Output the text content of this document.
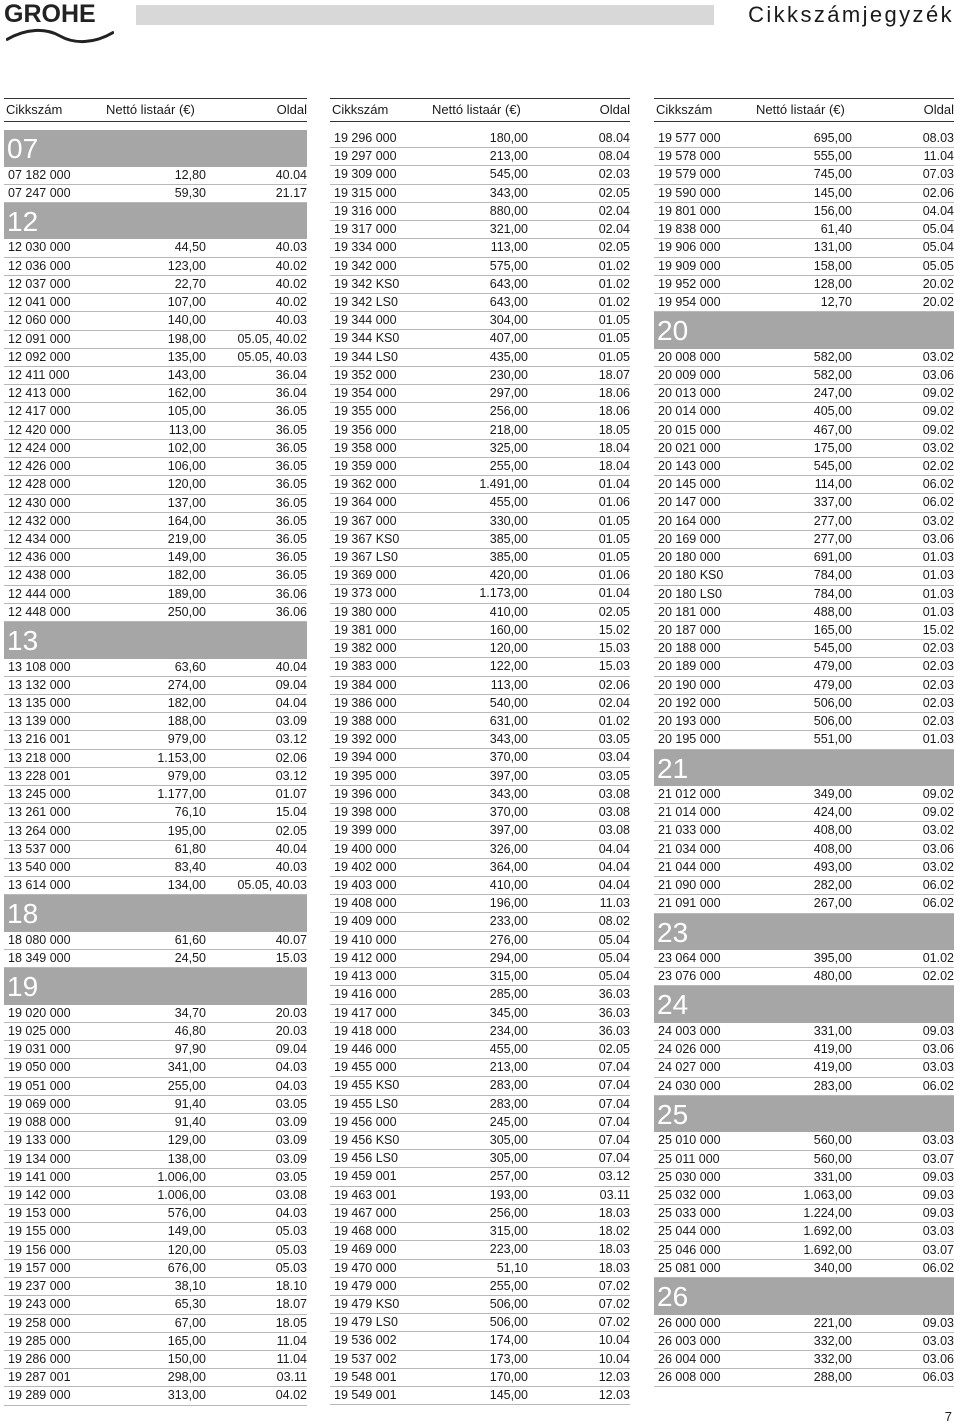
GROHE	Cikkszámjegyzék
Cikkszám	Nettó listaár (€)	Oldal
07
07 182 000	12,80	40.04
07 247 000	59,30	21.17
12
12 030 000	44,50	40.03
12 036 000	123,00	40.02
12 037 000	22,70	40.02
12 041 000	107,00	40.02
12 060 000	140,00	40.03
12 091 000	198,00	05.05, 40.02
12 092 000	135,00	05.05, 40.03
12 411 000	143,00	36.04
12 413 000	162,00	36.04
12 417 000	105,00	36.05
12 420 000	113,00	36.05
12 424 000	102,00	36.05
12 426 000	106,00	36.05
12 428 000	120,00	36.05
12 430 000	137,00	36.05
12 432 000	164,00	36.05
12 434 000	219,00	36.05
12 436 000	149,00	36.05
12 438 000	182,00	36.05
12 444 000	189,00	36.06
12 448 000	250,00	36.06
13
13 108 000	63,60	40.04
13 132 000	274,00	09.04
13 135 000	182,00	04.04
13 139 000	188,00	03.09
13 216 001	979,00	03.12
13 218 000	1.153,00	02.06
13 228 001	979,00	03.12
13 245 000	1.177,00	01.07
13 261 000	76,10	15.04
13 264 000	195,00	02.05
13 537 000	61,80	40.04
13 540 000	83,40	40.03
13 614 000	134,00	05.05, 40.03
18
18 080 000	61,60	40.07
18 349 000	24,50	15.03
19
19 020 000	34,70	20.03
19 025 000	46,80	20.03
19 031 000	97,90	09.04
19 050 000	341,00	04.03
19 051 000	255,00	04.03
19 069 000	91,40	03.05
19 088 000	91,40	03.09
19 133 000	129,00	03.09
19 134 000	138,00	03.09
19 141 000	1.006,00	03.05
19 142 000	1.006,00	03.08
19 153 000	576,00	04.03
19 155 000	149,00	05.03
19 156 000	120,00	05.03
19 157 000	676,00	05.03
19 237 000	38,10	18.10
19 243 000	65,30	18.07
19 258 000	67,00	18.05
19 285 000	165,00	11.04
19 286 000	150,00	11.04
19 287 001	298,00	03.11
19 289 000	313,00	04.02
Cikkszám	Nettó listaár (€)	Oldal
19 296 000	180,00	08.04
19 297 000	213,00	08.04
19 309 000	545,00	02.03
19 315 000	343,00	02.05
19 316 000	880,00	02.04
19 317 000	321,00	02.04
19 334 000	113,00	02.05
19 342 000	575,00	01.02
19 342 KS0	643,00	01.02
19 342 LS0	643,00	01.02
19 344 000	304,00	01.05
19 344 KS0	407,00	01.05
19 344 LS0	435,00	01.05
19 352 000	230,00	18.07
19 354 000	297,00	18.06
19 355 000	256,00	18.06
19 356 000	218,00	18.05
19 358 000	325,00	18.04
19 359 000	255,00	18.04
19 362 000	1.491,00	01.04
19 364 000	455,00	01.06
19 367 000	330,00	01.05
19 367 KS0	385,00	01.05
19 367 LS0	385,00	01.05
19 369 000	420,00	01.06
19 373 000	1.173,00	01.04
19 380 000	410,00	02.05
19 381 000	160,00	15.02
19 382 000	120,00	15.03
19 383 000	122,00	15.03
19 384 000	113,00	02.06
19 386 000	540,00	02.04
19 388 000	631,00	01.02
19 392 000	343,00	03.05
19 394 000	370,00	03.04
19 395 000	397,00	03.05
19 396 000	343,00	03.08
19 398 000	370,00	03.08
19 399 000	397,00	03.08
19 400 000	326,00	04.04
19 402 000	364,00	04.04
19 403 000	410,00	04.04
19 408 000	196,00	11.03
19 409 000	233,00	08.02
19 410 000	276,00	05.04
19 412 000	294,00	05.04
19 413 000	315,00	05.04
19 416 000	285,00	36.03
19 417 000	345,00	36.03
19 418 000	234,00	36.03
19 446 000	455,00	02.05
19 455 000	213,00	07.04
19 455 KS0	283,00	07.04
19 455 LS0	283,00	07.04
19 456 000	245,00	07.04
19 456 KS0	305,00	07.04
19 456 LS0	305,00	07.04
19 459 001	257,00	03.12
19 463 001	193,00	03.11
19 467 000	256,00	18.03
19 468 000	315,00	18.02
19 469 000	223,00	18.03
19 470 000	51,10	18.03
19 479 000	255,00	07.02
19 479 KS0	506,00	07.02
19 479 LS0	506,00	07.02
19 536 002	174,00	10.04
19 537 002	173,00	10.04
19 548 001	170,00	12.03
19 549 001	145,00	12.03
Cikkszám	Nettó listaár (€)	Oldal
19 577 000	695,00	08.03
19 578 000	555,00	11.04
19 579 000	745,00	07.03
19 590 000	145,00	02.06
19 801 000	156,00	04.04
19 838 000	61,40	05.04
19 906 000	131,00	05.04
19 909 000	158,00	05.05
19 952 000	128,00	20.02
19 954 000	12,70	20.02
20
20 008 000	582,00	03.02
20 009 000	582,00	03.06
20 013 000	247,00	09.02
20 014 000	405,00	09.02
20 015 000	467,00	09.02
20 021 000	175,00	03.02
20 143 000	545,00	02.02
20 145 000	114,00	06.02
20 147 000	337,00	06.02
20 164 000	277,00	03.02
20 169 000	277,00	03.06
20 180 000	691,00	01.03
20 180 KS0	784,00	01.03
20 180 LS0	784,00	01.03
20 181 000	488,00	01.03
20 187 000	165,00	15.02
20 188 000	545,00	02.03
20 189 000	479,00	02.03
20 190 000	479,00	02.03
20 192 000	506,00	02.03
20 193 000	506,00	02.03
20 195 000	551,00	01.03
21
21 012 000	349,00	09.02
21 014 000	424,00	09.02
21 033 000	408,00	03.02
21 034 000	408,00	03.06
21 044 000	493,00	03.02
21 090 000	282,00	06.02
21 091 000	267,00	06.02
23
23 064 000	395,00	01.02
23 076 000	480,00	02.02
24
24 003 000	331,00	09.03
24 026 000	419,00	03.06
24 027 000	419,00	03.03
24 030 000	283,00	06.02
25
25 010 000	560,00	03.03
25 011 000	560,00	03.07
25 030 000	331,00	09.03
25 032 000	1.063,00	09.03
25 033 000	1.224,00	09.03
25 044 000	1.692,00	03.03
25 046 000	1.692,00	03.07
25 081 000	340,00	06.02
26
26 000 000	221,00	09.03
26 003 000	332,00	03.03
26 004 000	332,00	03.06
26 008 000	288,00	06.03
7
